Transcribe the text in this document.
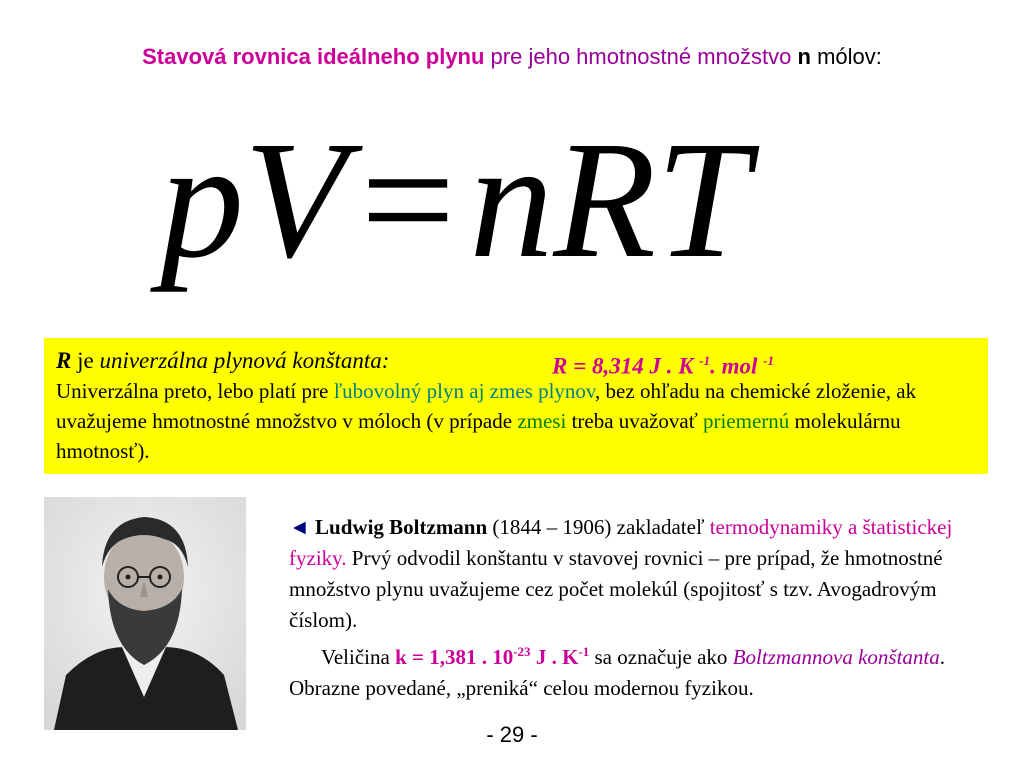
Stavová rovnica ideálneho plynu pre jeho hmotnostné množstvo n mólov:
pV=nRT
R je univerzálna plynová konštanta:	R = 8,314 J . K $^{-1}$. mol $^{-1}$
Univerzálna preto, lebo platí pre ľubovolný plyn aj zmes plynov, bez ohľadu na chemické zloženie, ak uvažujeme hmotnostné množstvo v móloch (v prípade zmesi treba uvažovať priemernú molekulárnu hmotnosť).
◄ Ludwig Boltzmann (1844 – 1906) zakladateľ termodynamiky a štatistickej fyziky. Prvý odvodil konštantu v stavovej rovnici – pre prípad, že hmotnostné množstvo plynu uvažujeme cez počet molekúl (spojitosť s tzv. Avogadrovým číslom).
Veličina k = 1,381 . $10^{-23}$ J . $K^{-1}$ sa označuje ako Boltzmannova konštanta. Obrazne povedané, „preniká“ celou modernou fyzikou.
- 29 -
